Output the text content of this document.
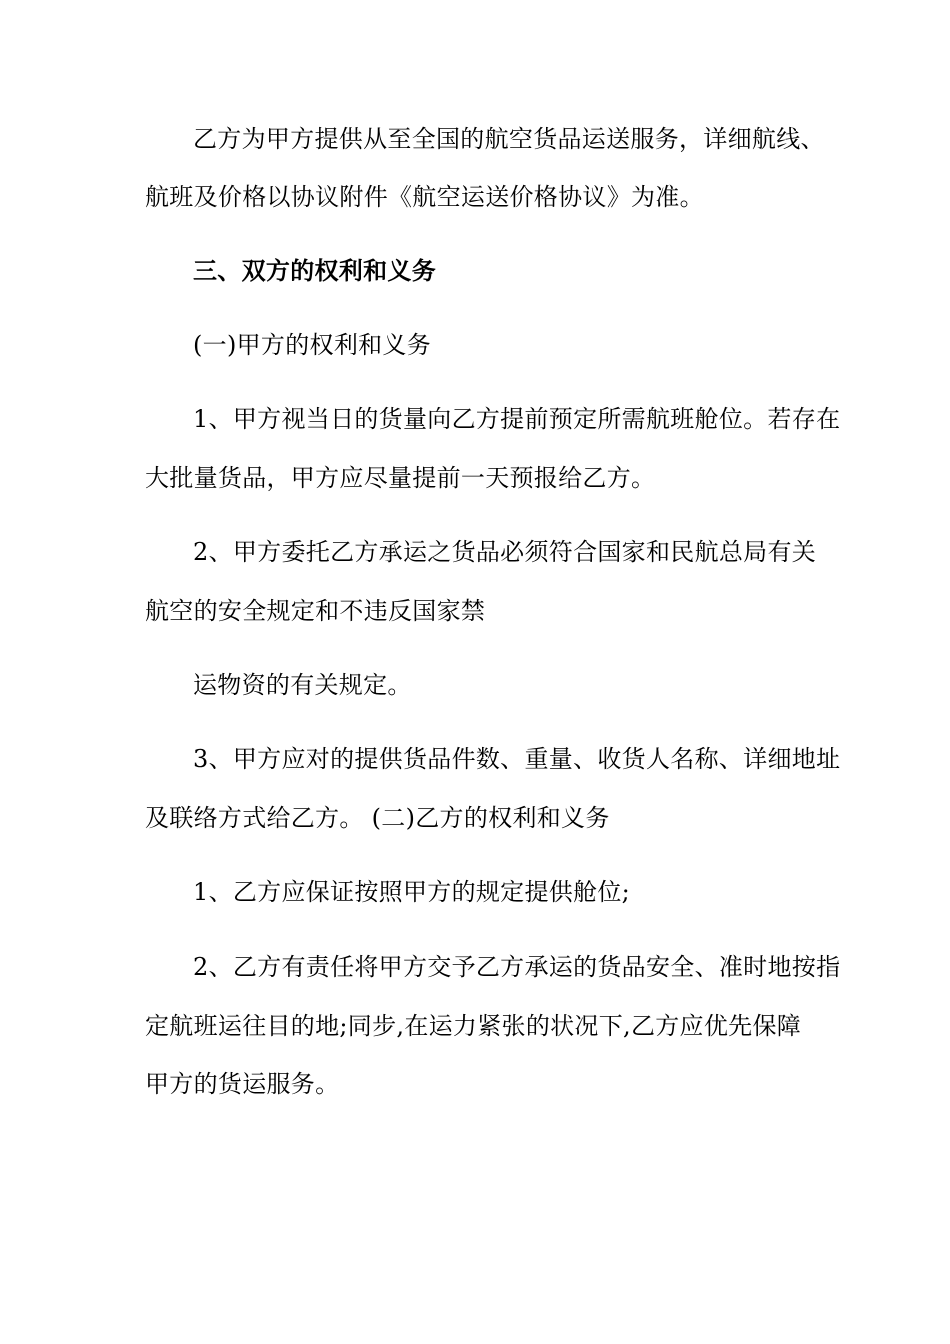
乙方为甲方提供从至全国的航空货品运送服务，详细航线、
航班及价格以协议附件《航空运送价格协议》为准。
三、双方的权利和义务
(一)甲方的权利和义务
1、甲方视当日的货量向乙方提前预定所需航班舱位。若存在
大批量货品，甲方应尽量提前一天预报给乙方。
2、甲方委托乙方承运之货品必须符合国家和民航总局有关
航空的安全规定和不违反国家禁
运物资的有关规定。
3、甲方应对的提供货品件数、重量、收货人名称、详细地址
及联络方式给乙方。 (二)乙方的权利和义务
1、乙方应保证按照甲方的规定提供舱位;
2、乙方有责任将甲方交予乙方承运的货品安全、准时地按指
定航班运往目的地;同步,在运力紧张的状况下,乙方应优先保障
甲方的货运服务。
